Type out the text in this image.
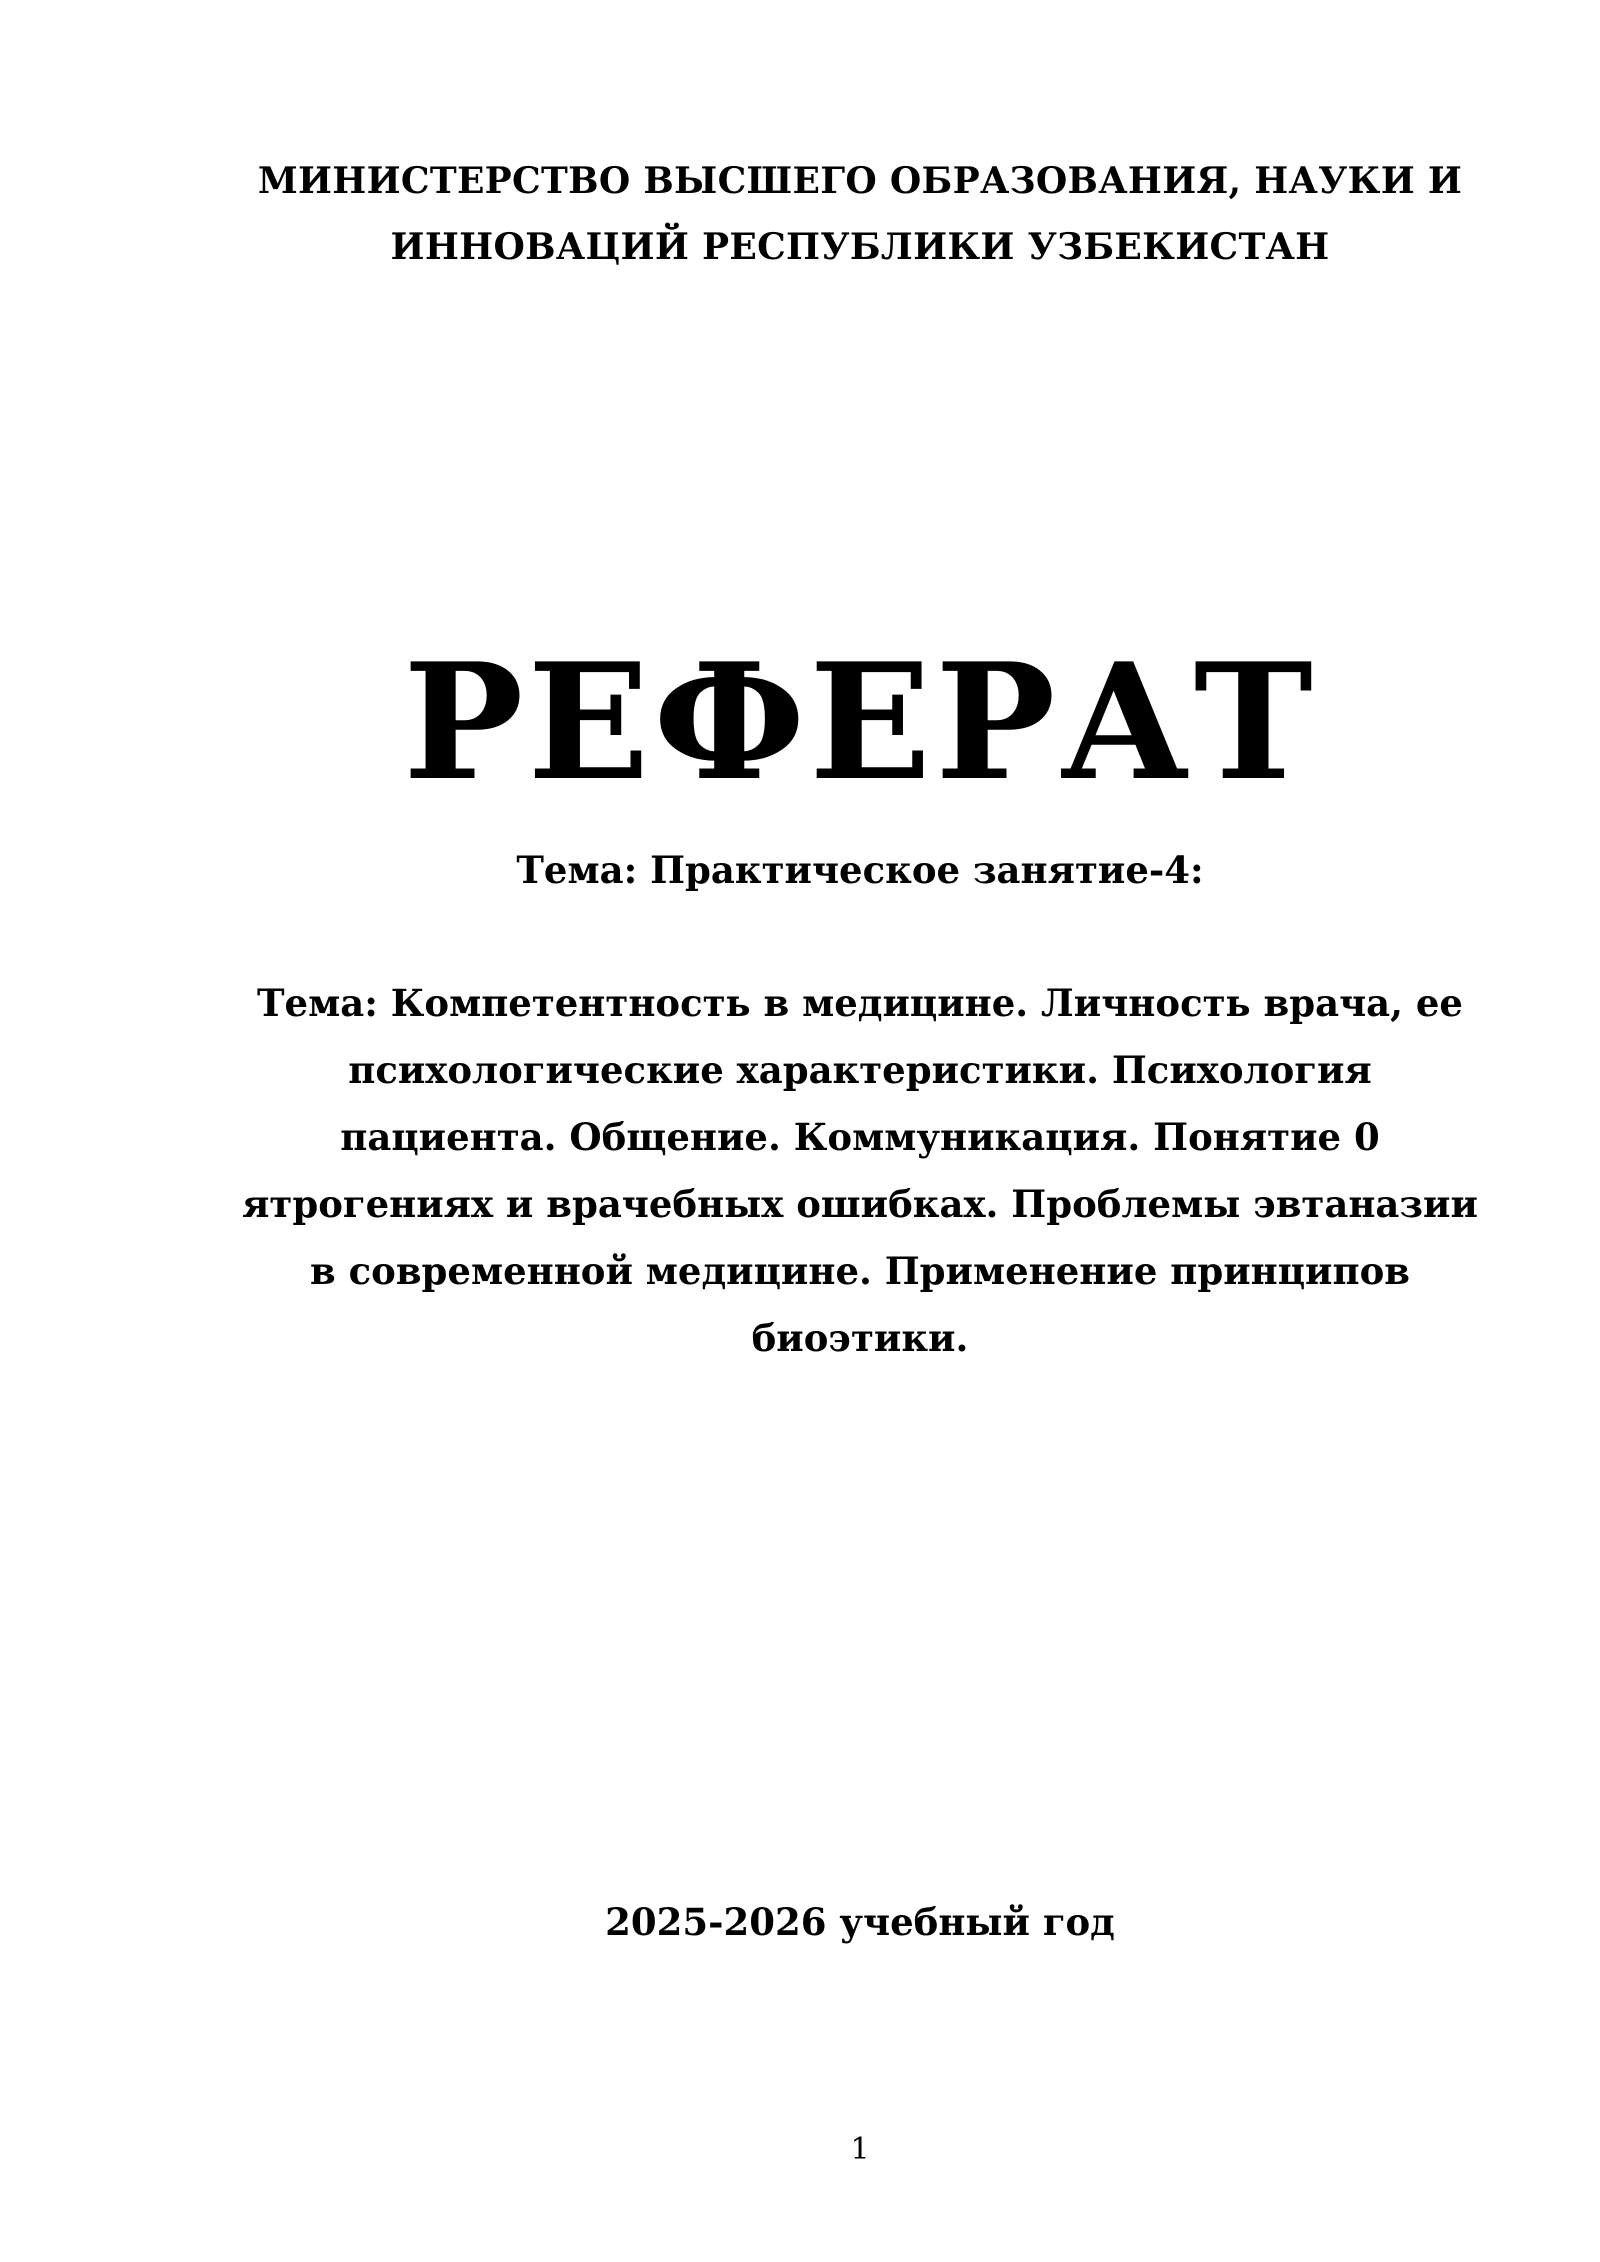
МИНИСТЕРСТВО ВЫСШЕГО ОБРАЗОВАНИЯ, НАУКИ И
ИННОВАЦИЙ РЕСПУБЛИКИ УЗБЕКИСТАН
РЕФЕРАТ
Тема: Практическое занятие-4:
Тема: Компетентность в медицине. Личность врача, ее
психологические характеристики. Психология
пациента. Общение. Коммуникация. Понятие 0
ятрогениях и врачебных ошибках. Проблемы эвтаназии
в современной медицине. Применение принципов
биоэтики.
2025-2026 учебный год
1
